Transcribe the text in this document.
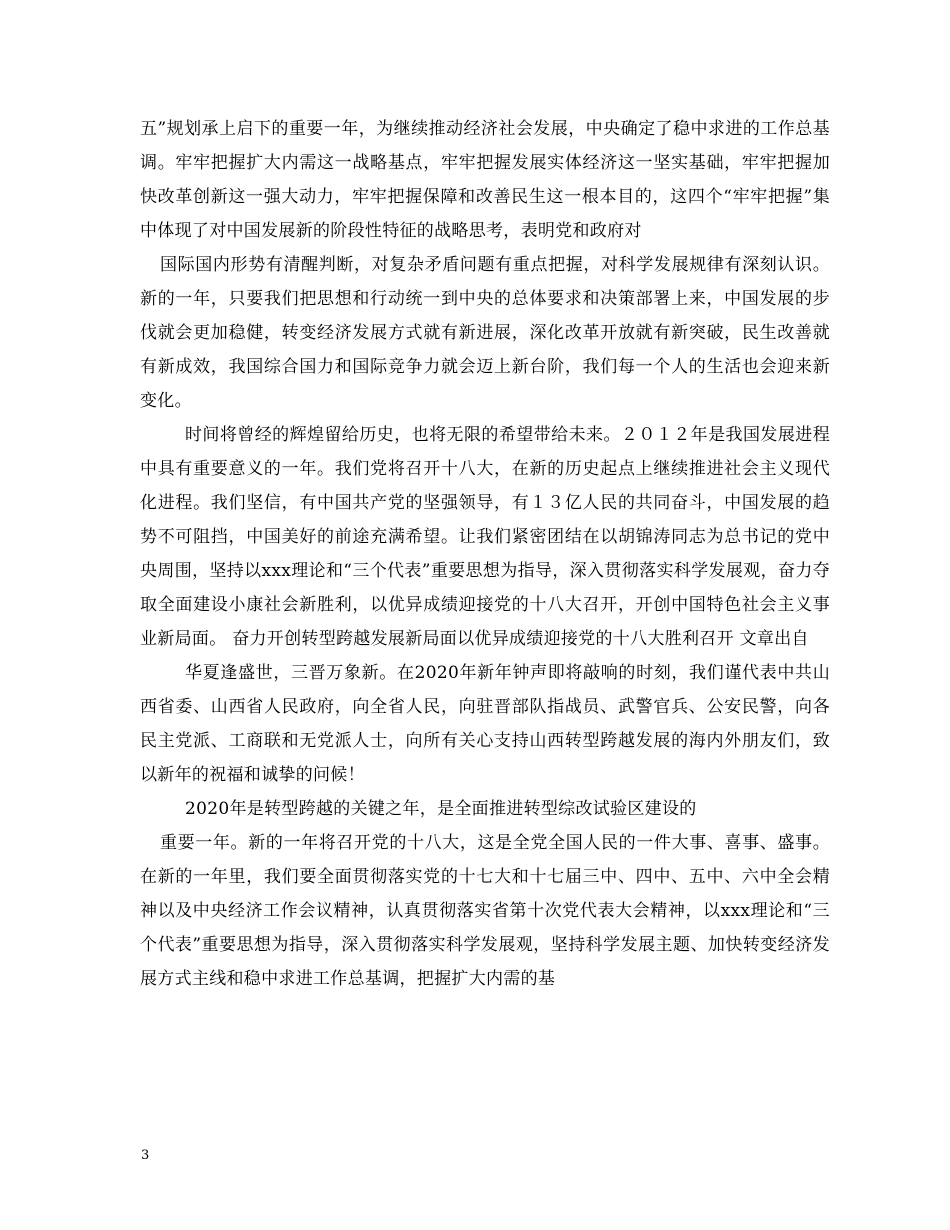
五”规划承上启下的重要一年，为继续推动经济社会发展，中央确定了稳中求进的工作总基调。牢牢把握扩大内需这一战略基点，牢牢把握发展实体经济这一坚实基础，牢牢把握加快改革创新这一强大动力，牢牢把握保障和改善民生这一根本目的，这四个“牢牢把握”集中体现了对中国发展新的阶段性特征的战略思考，表明党和政府对

国际国内形势有清醒判断，对复杂矛盾问题有重点把握，对科学发展规律有深刻认识。新的一年，只要我们把思想和行动统一到中央的总体要求和决策部署上来，中国发展的步伐就会更加稳健，转变经济发展方式就有新进展，深化改革开放就有新突破，民生改善就有新成效，我国综合国力和国际竞争力就会迈上新台阶，我们每一个人的生活也会迎来新变化。

时间将曾经的辉煌留给历史，也将无限的希望带给未来。２０１２年是我国发展进程中具有重要意义的一年。我们党将召开十八大，在新的历史起点上继续推进社会主义现代化进程。我们坚信，有中国共产党的坚强领导，有１３亿人民的共同奋斗，中国发展的趋势不可阻挡，中国美好的前途充满希望。让我们紧密团结在以胡锦涛同志为总书记的党中央周围，坚持以xxx理论和“三个代表”重要思想为指导，深入贯彻落实科学发展观，奋力夺取全面建设小康社会新胜利，以优异成绩迎接党的十八大召开，开创中国特色社会主义事业新局面。 奋力开创转型跨越发展新局面以优异成绩迎接党的十八大胜利召开 文章出自

华夏逢盛世，三晋万象新。在2020年新年钟声即将敲响的时刻，我们谨代表中共山西省委、山西省人民政府，向全省人民，向驻晋部队指战员、武警官兵、公安民警，向各民主党派、工商联和无党派人士，向所有关心支持山西转型跨越发展的海内外朋友们，致以新年的祝福和诚挚的问候！

2020年是转型跨越的关键之年，是全面推进转型综改试验区建设的

重要一年。新的一年将召开党的十八大，这是全党全国人民的一件大事、喜事、盛事。在新的一年里，我们要全面贯彻落实党的十七大和十七届三中、四中、五中、六中全会精神以及中央经济工作会议精神，认真贯彻落实省第十次党代表大会精神，以xxx理论和“三个代表”重要思想为指导，深入贯彻落实科学发展观，坚持科学发展主题、加快转变经济发展方式主线和稳中求进工作总基调，把握扩大内需的基

3
